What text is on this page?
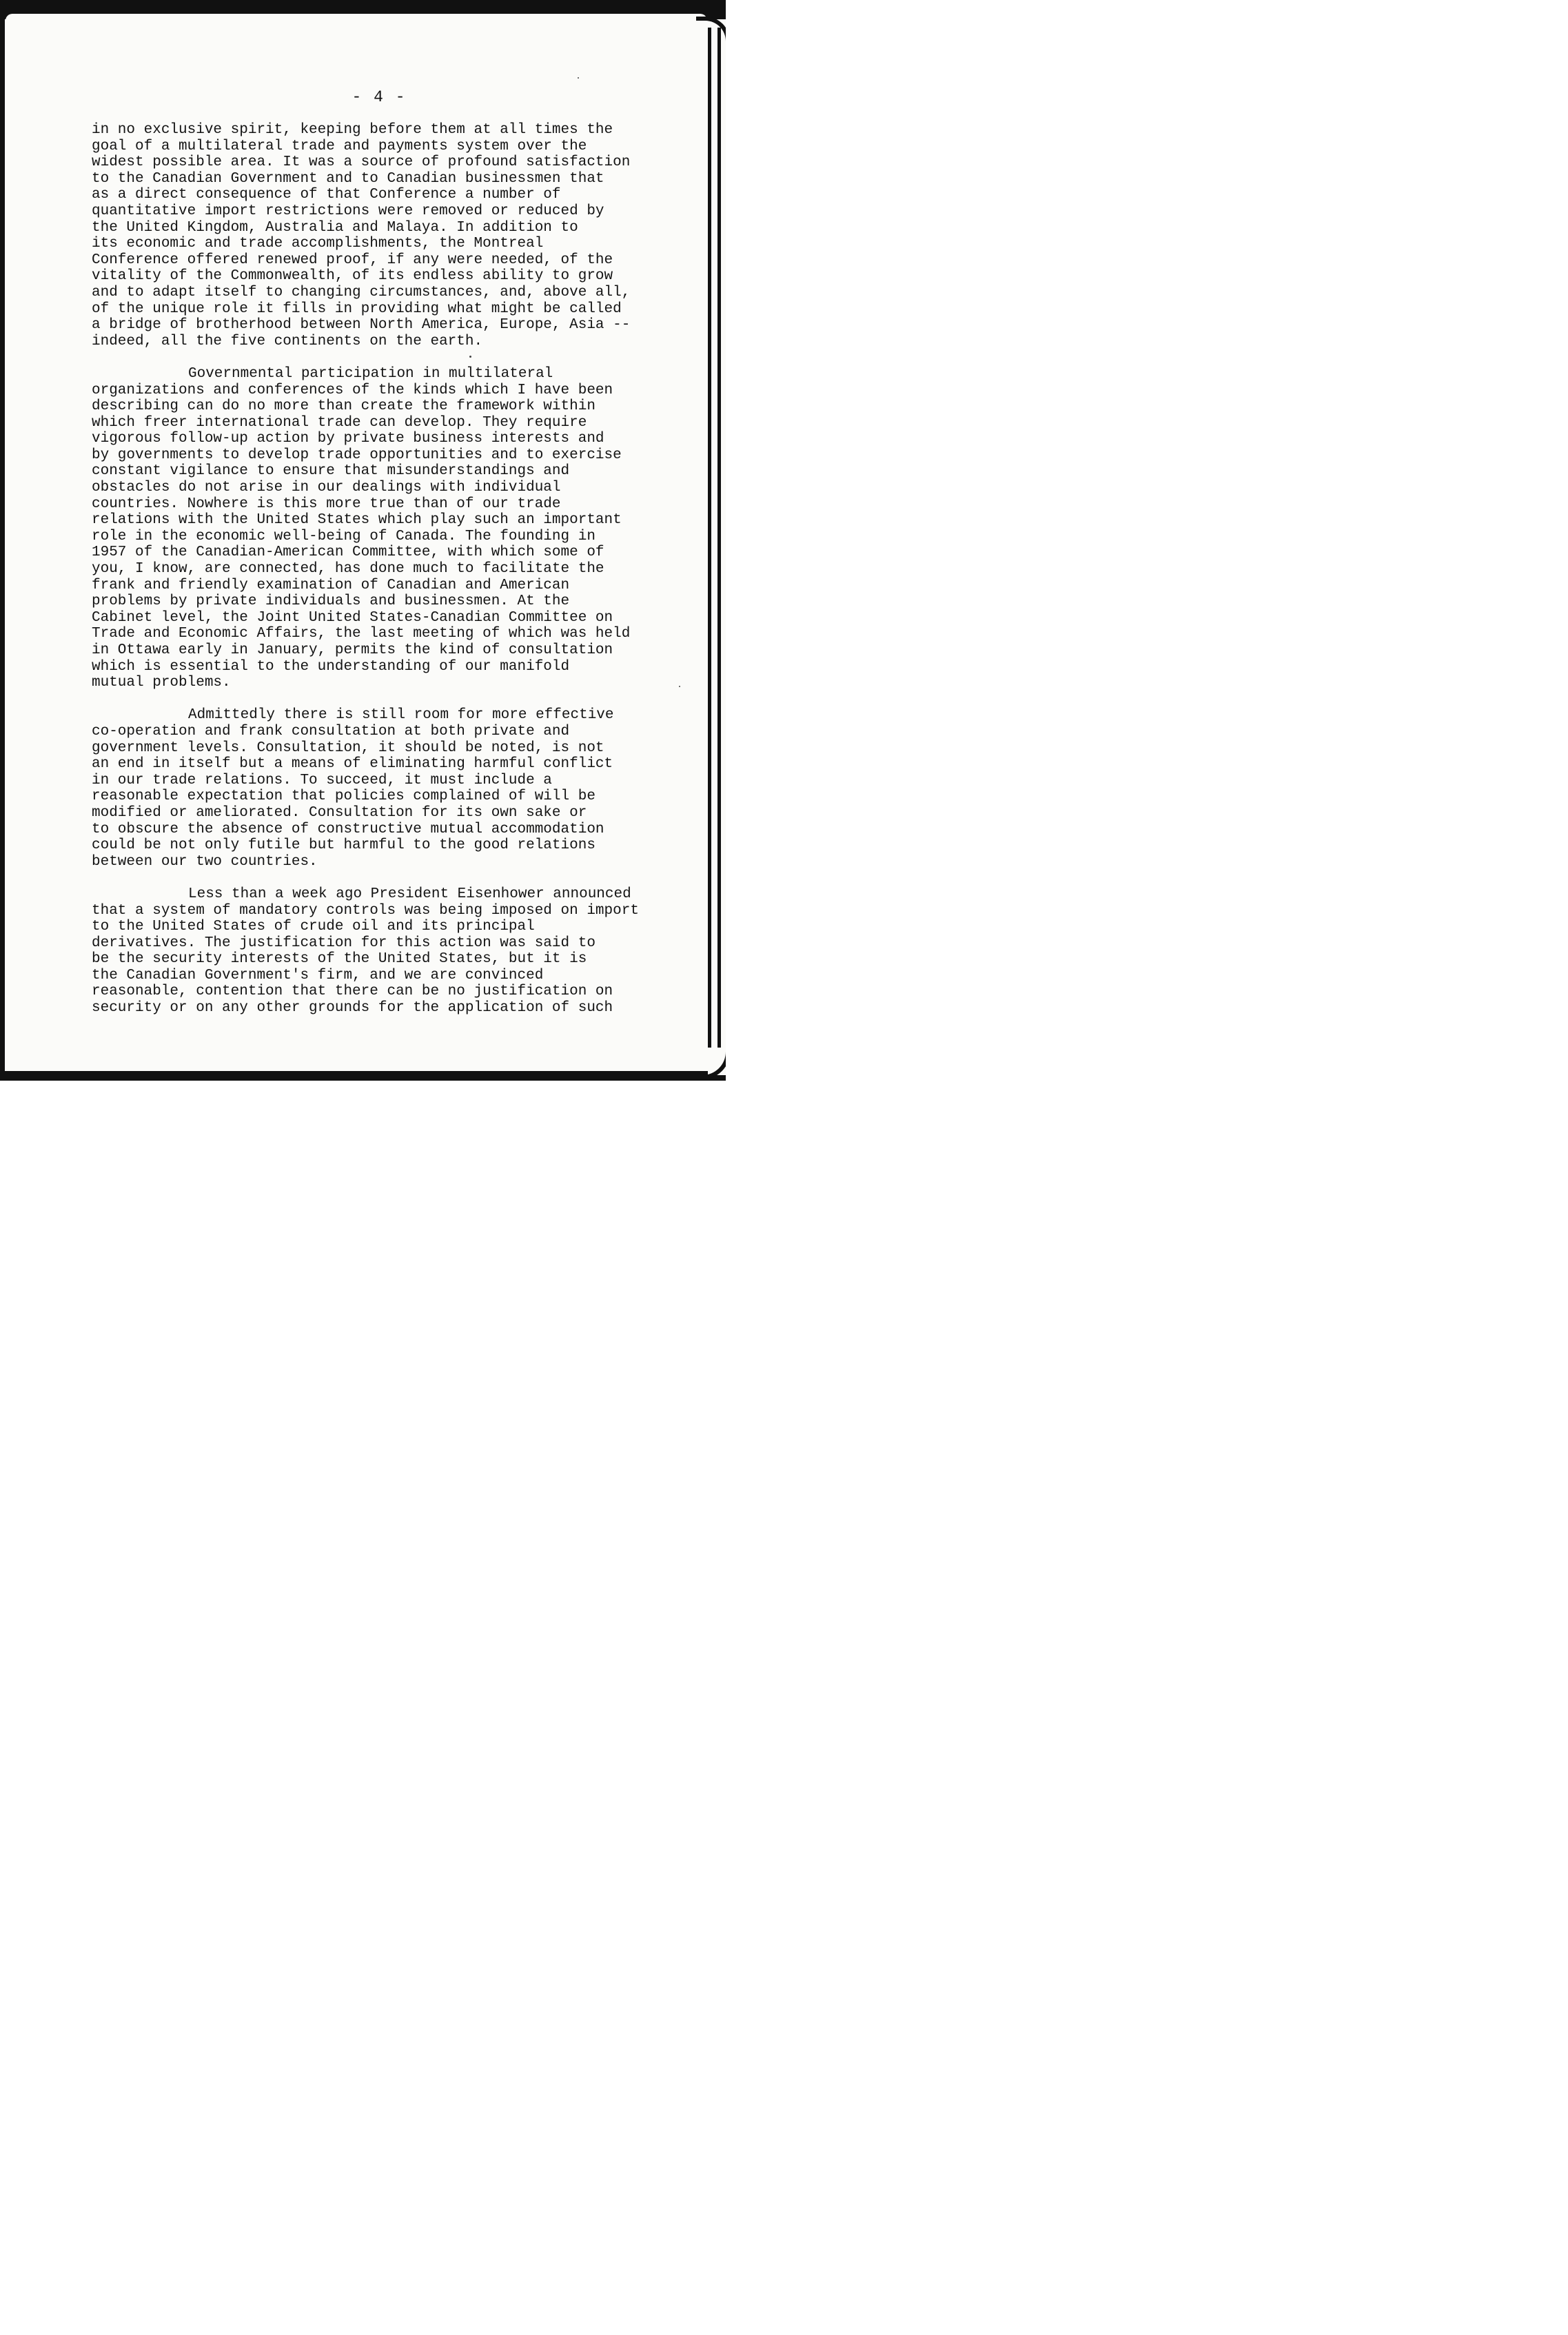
- 4 -
in no exclusive spirit, keeping before them at all times the
goal of a multilateral trade and payments system over the
widest possible area. It was a source of profound satisfaction
to the Canadian Government and to Canadian businessmen that
as a direct consequence of that Conference a number of
quantitative import restrictions were removed or reduced by
the United Kingdom, Australia and Malaya. In addition to
its economic and trade accomplishments, the Montreal
Conference offered renewed proof, if any were needed, of the
vitality of the Commonwealth, of its endless ability to grow
and to adapt itself to changing circumstances, and, above all,
of the unique role it fills in providing what might be called
a bridge of brotherhood between North America, Europe, Asia --
indeed, all the five continents on the earth.
Governmental participation in multilateral
organizations and conferences of the kinds which I have been
describing can do no more than create the framework within
which freer international trade can develop. They require
vigorous follow-up action by private business interests and
by governments to develop trade opportunities and to exercise
constant vigilance to ensure that misunderstandings and
obstacles do not arise in our dealings with individual
countries. Nowhere is this more true than of our trade
relations with the United States which play such an important
role in the economic well-being of Canada. The founding in
1957 of the Canadian-American Committee, with which some of
you, I know, are connected, has done much to facilitate the
frank and friendly examination of Canadian and American
problems by private individuals and businessmen. At the
Cabinet level, the Joint United States-Canadian Committee on
Trade and Economic Affairs, the last meeting of which was held
in Ottawa early in January, permits the kind of consultation
which is essential to the understanding of our manifold
mutual problems.
Admittedly there is still room for more effective
co-operation and frank consultation at both private and
government levels. Consultation, it should be noted, is not
an end in itself but a means of eliminating harmful conflict
in our trade relations. To succeed, it must include a
reasonable expectation that policies complained of will be
modified or ameliorated. Consultation for its own sake or
to obscure the absence of constructive mutual accommodation
could be not only futile but harmful to the good relations
between our two countries.
Less than a week ago President Eisenhower announced
that a system of mandatory controls was being imposed on import
to the United States of crude oil and its principal
derivatives. The justification for this action was said to
be the security interests of the United States, but it is
the Canadian Government's firm, and we are convinced
reasonable, contention that there can be no justification on
security or on any other grounds for the application of such
